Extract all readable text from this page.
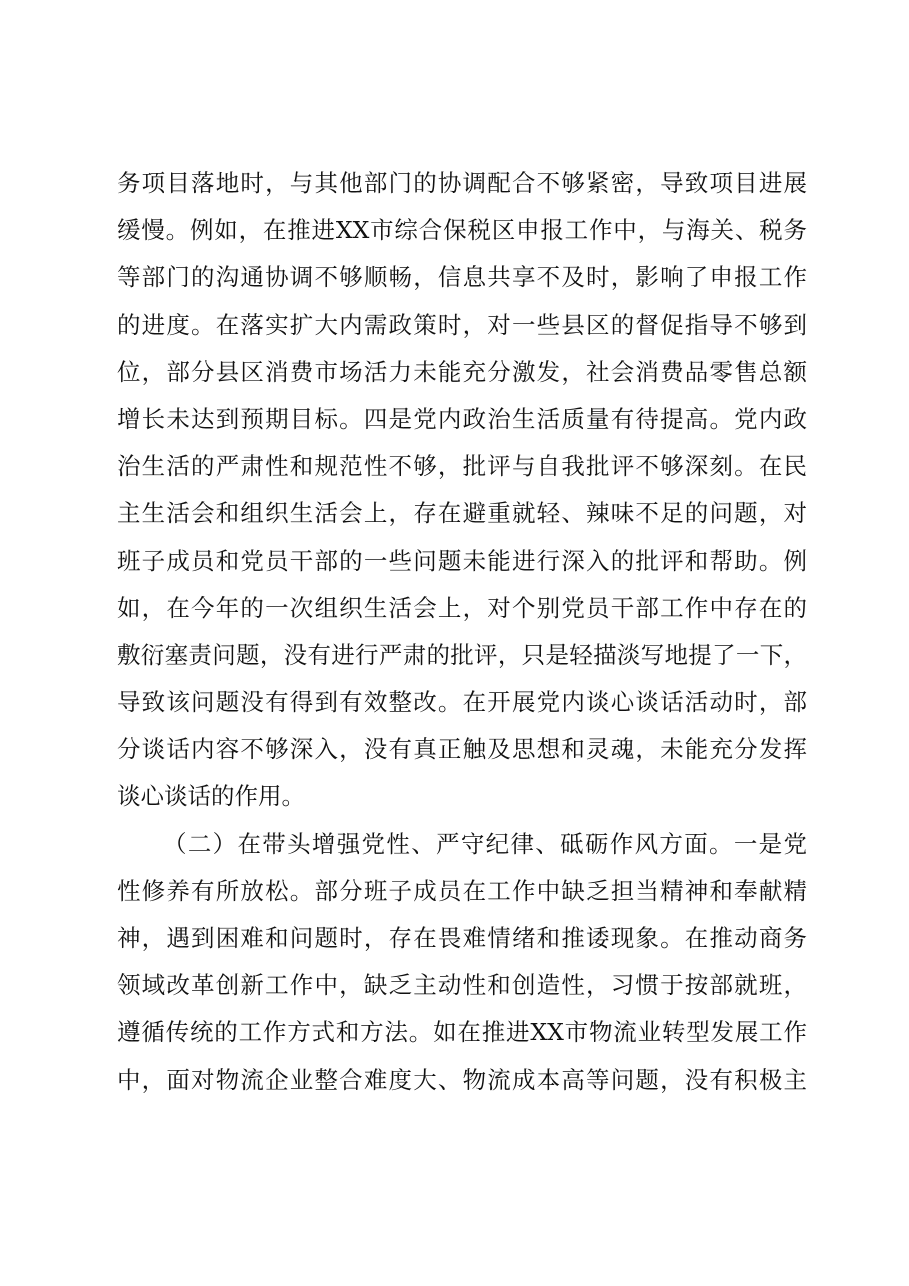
务项目落地时，与其他部门的协调配合不够紧密，导致项目进展
缓慢。例如，在推进XX市综合保税区申报工作中，与海关、税务
等部门的沟通协调不够顺畅，信息共享不及时，影响了申报工作
的进度。在落实扩大内需政策时，对一些县区的督促指导不够到
位，部分县区消费市场活力未能充分激发，社会消费品零售总额
增长未达到预期目标。四是党内政治生活质量有待提高。党内政
治生活的严肃性和规范性不够，批评与自我批评不够深刻。在民
主生活会和组织生活会上，存在避重就轻、辣味不足的问题，对
班子成员和党员干部的一些问题未能进行深入的批评和帮助。例
如，在今年的一次组织生活会上，对个别党员干部工作中存在的
敷衍塞责问题，没有进行严肃的批评，只是轻描淡写地提了一下，
导致该问题没有得到有效整改。在开展党内谈心谈话活动时，部
分谈话内容不够深入，没有真正触及思想和灵魂，未能充分发挥
谈心谈话的作用。
（二）在带头增强党性、严守纪律、砥砺作风方面。一是党
性修养有所放松。部分班子成员在工作中缺乏担当精神和奉献精
神，遇到困难和问题时，存在畏难情绪和推诿现象。在推动商务
领域改革创新工作中，缺乏主动性和创造性，习惯于按部就班，
遵循传统的工作方式和方法。如在推进XX市物流业转型发展工作
中，面对物流企业整合难度大、物流成本高等问题，没有积极主
